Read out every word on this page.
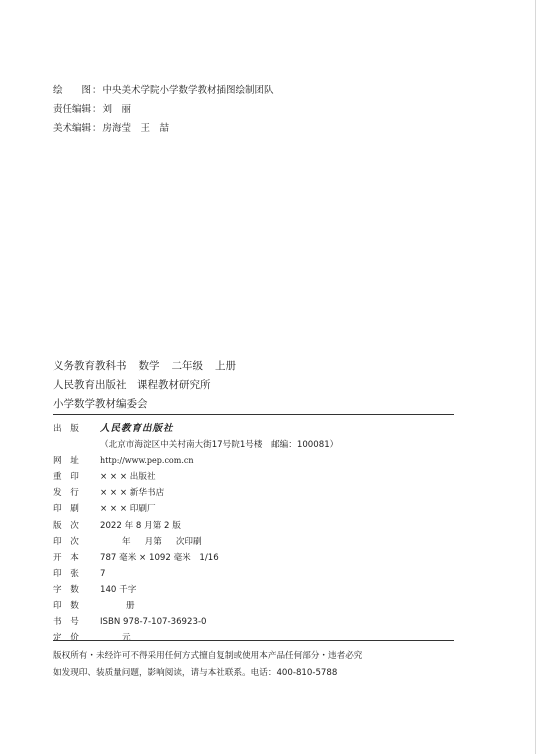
绘　　图 ： 中央美术学院小学数学教材插图绘制团队
责任编辑 ： 刘　丽
美术编辑 ： 房海莹　王　喆
义务教育教科书 数学 二年级 上册
人民教育出版社　课程教材研究所
小学数学教材编委会
出　版	人民教育出版社
（北京市海淀区中关村南大街17号院1号楼　邮编：100081）
网　址	http://www.pep.com.cn
重　印	× × × 出版社
发　行	× × × 新华书店
印　刷	× × × 印刷厂
版　次	2022 年 8 月第 2 版
印　次	年 月第 次印刷
开　本	787 毫米 × 1092 毫米　1/16
印　张	7
字　数	140 千字
印　数	册
书　号	ISBN 978-7-107-36923-0
定　价	元
版权所有・未经许可不得采用任何方式擅自复制或使用本产品任何部分・违者必究
如发现印、装质量问题，影响阅读，请与本社联系。电话：400-810-5788
